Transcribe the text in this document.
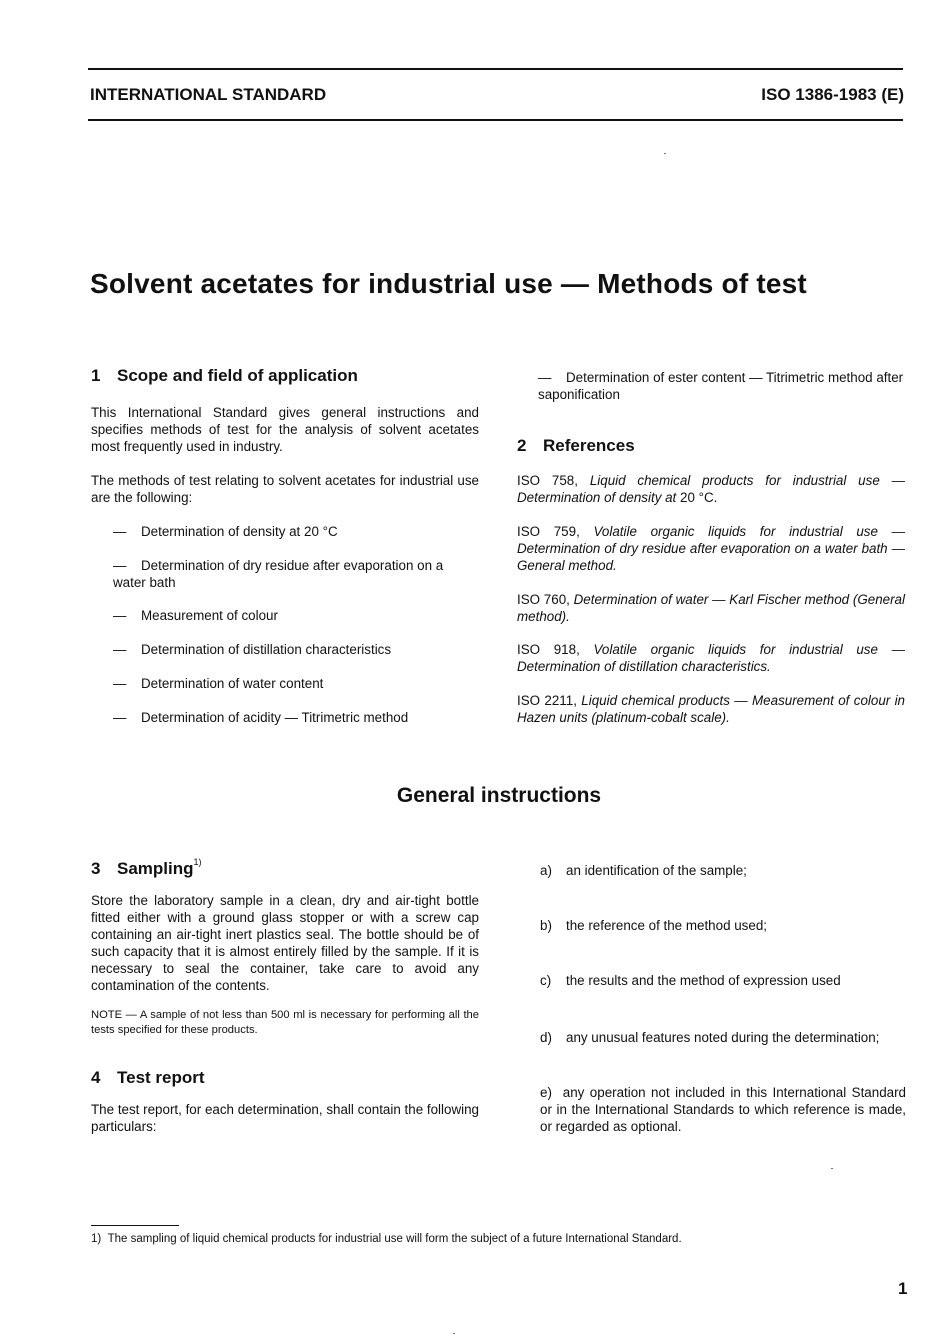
INTERNATIONAL STANDARD	ISO 1386-1983 (E)
Solvent acetates for industrial use — Methods of test
1 Scope and field of application
This International Standard gives general instructions and specifies methods of test for the analysis of solvent acetates most frequently used in industry.
The methods of test relating to solvent acetates for industrial use are the following:
— Determination of density at 20 °C
— Determination of dry residue after evaporation on a water bath
— Measurement of colour
— Determination of distillation characteristics
— Determination of water content
— Determination of acidity — Titrimetric method
— Determination of ester content — Titrimetric method after saponification
2 References
ISO 758, Liquid chemical products for industrial use — Determination of density at 20 °C.
ISO 759, Volatile organic liquids for industrial use — Determination of dry residue after evaporation on a water bath — General method.
ISO 760, Determination of water — Karl Fischer method (General method).
ISO 918, Volatile organic liquids for industrial use — Determination of distillation characteristics.
ISO 2211, Liquid chemical products — Measurement of colour in Hazen units (platinum-cobalt scale).
General instructions
3 Sampling$^{1)}$
Store the laboratory sample in a clean, dry and air-tight bottle fitted either with a ground glass stopper or with a screw cap containing an air-tight inert plastics seal. The bottle should be of such capacity that it is almost entirely filled by the sample. If it is necessary to seal the container, take care to avoid any contamination of the contents.
NOTE — A sample of not less than 500 ml is necessary for performing all the tests specified for these products.
4 Test report
The test report, for each determination, shall contain the following particulars:
a) an identification of the sample;
b) the reference of the method used;
c) the results and the method of expression used
d) any unusual features noted during the determination;
e) any operation not included in this International Standard or in the International Standards to which reference is made, or regarded as optional.
1) The sampling of liquid chemical products for industrial use will form the subject of a future International Standard.
1
